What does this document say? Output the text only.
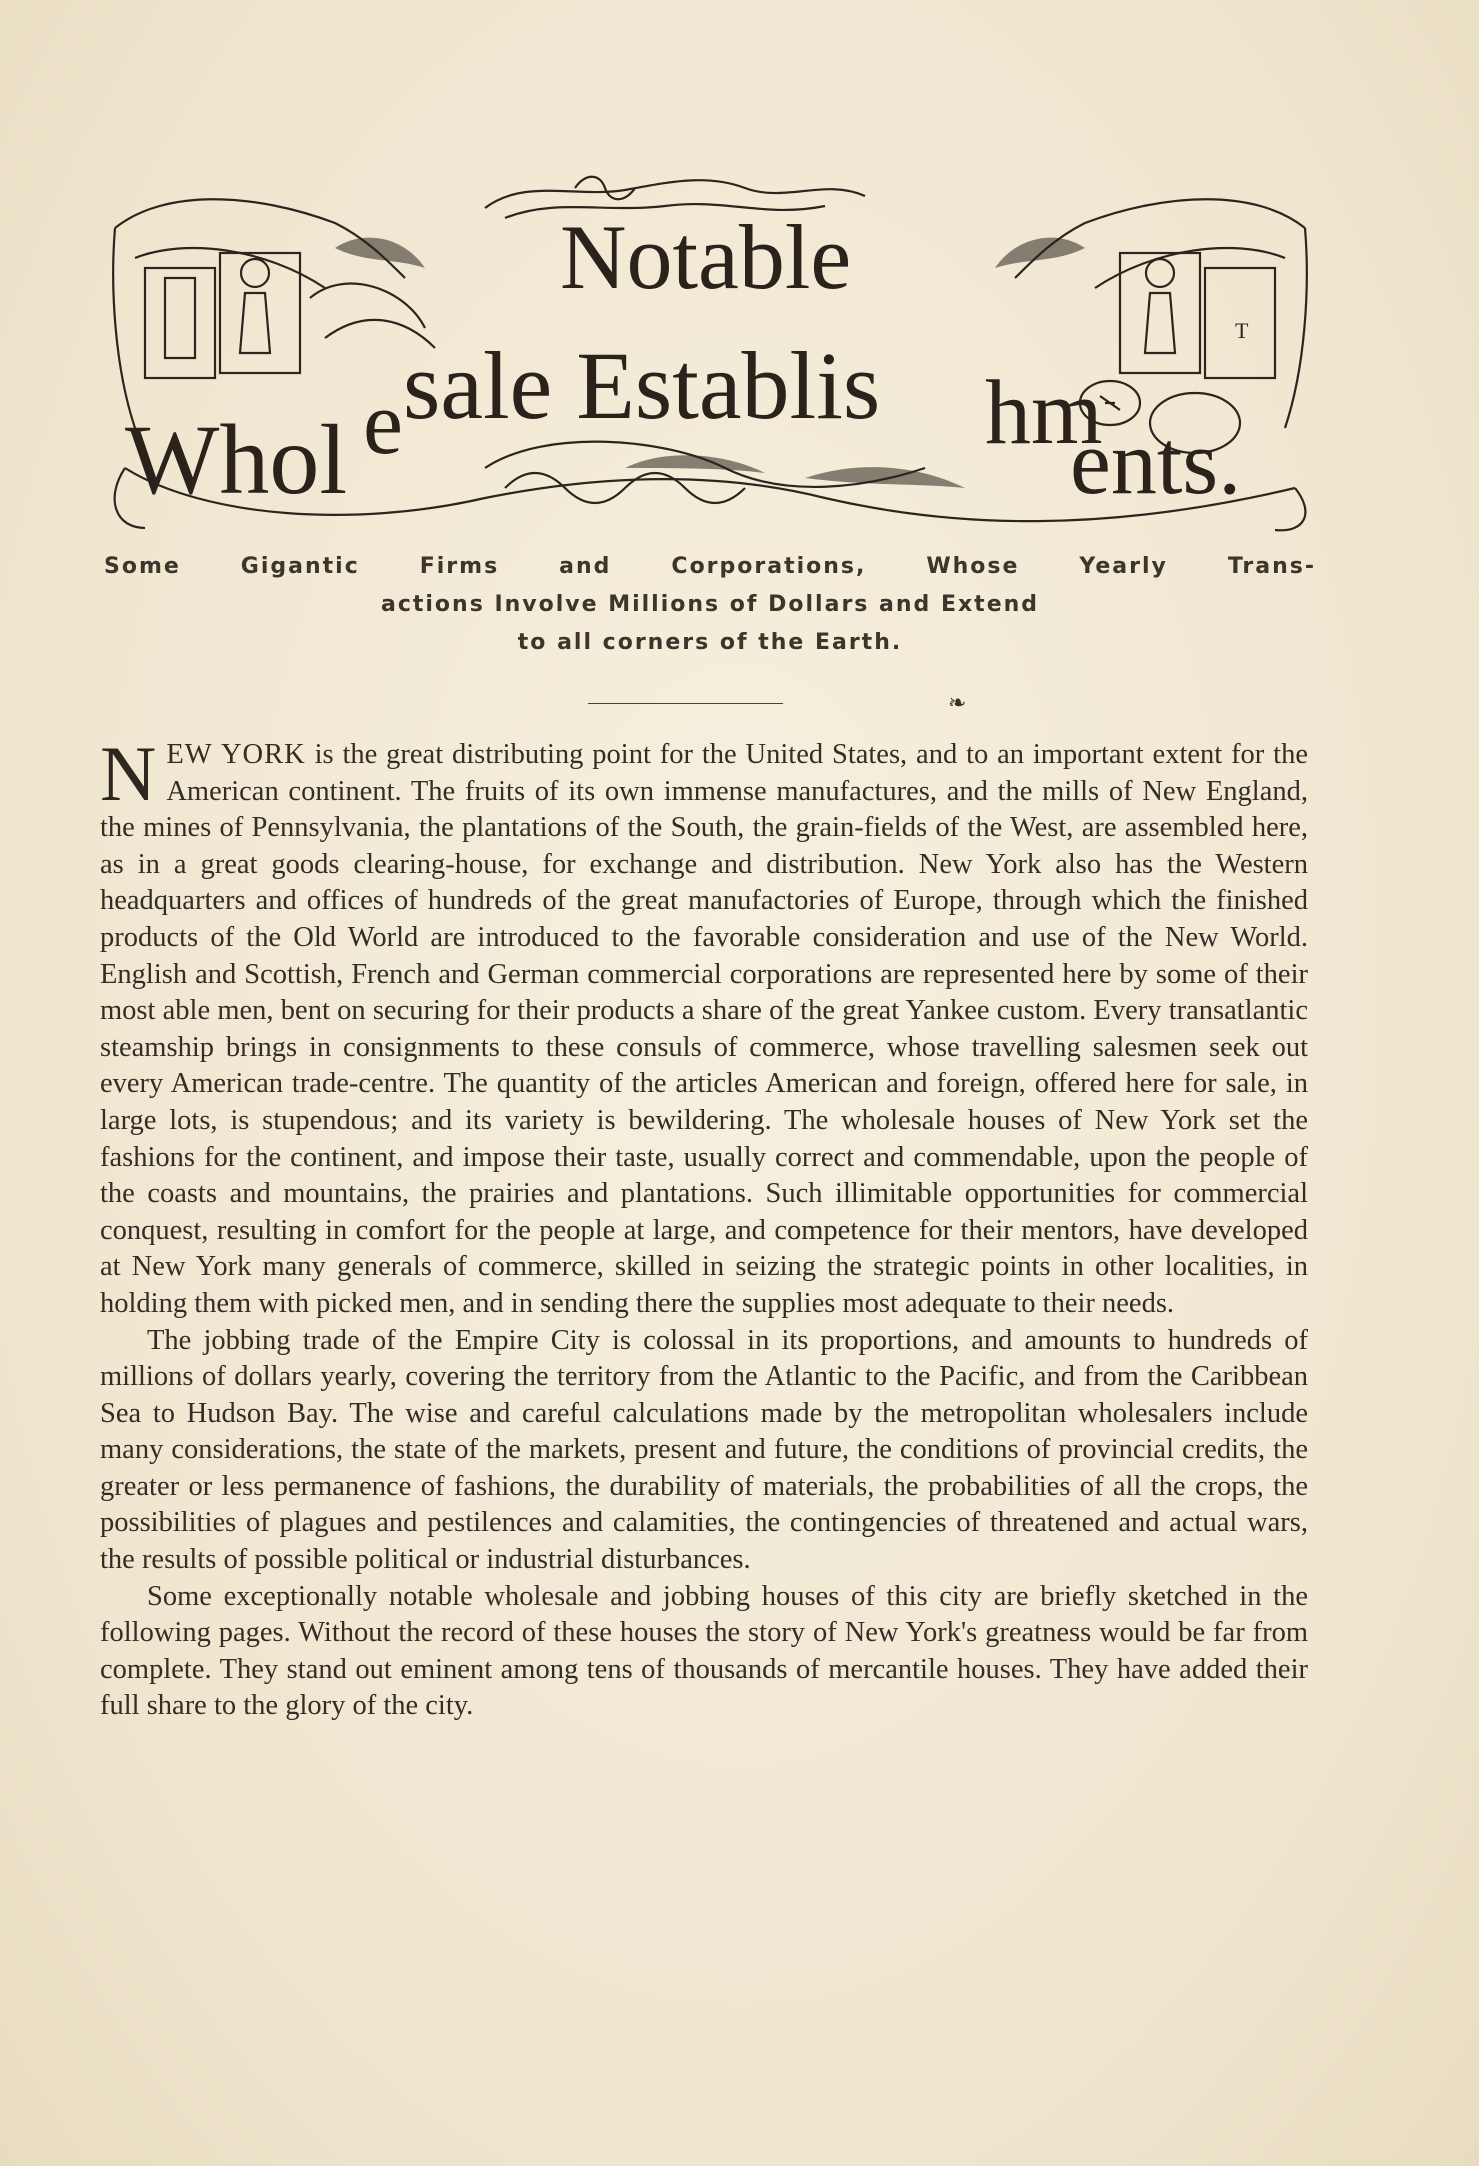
T
Notable
Whol e sale Establis hm
ents.
Some Gigantic Firms and Corporations, Whose Yearly Trans-
actions Involve Millions of Dollars and Extend
to all corners of the Earth.
❧

NEW YORK is the great distributing point for the United States, and to an important extent for the American continent. The fruits of its own immense manufactures, and the mills of New England, the mines of Pennsylvania, the plantations of the South, the grain-fields of the West, are assembled here, as in a great goods clearing-house, for exchange and distribution. New York also has the Western headquarters and offices of hundreds of the great manufactories of Europe, through which the finished products of the Old World are introduced to the favorable consideration and use of the New World. English and Scottish, French and German commercial corporations are represented here by some of their most able men, bent on securing for their products a share of the great Yankee custom. Every transatlantic steamship brings in consignments to these consuls of commerce, whose travelling salesmen seek out every American trade-centre. The quantity of the articles American and foreign, offered here for sale, in large lots, is stupendous; and its variety is bewildering. The wholesale houses of New York set the fashions for the continent, and impose their taste, usually correct and commendable, upon the people of the coasts and mountains, the prairies and plantations. Such illimitable opportunities for commercial conquest, resulting in comfort for the people at large, and competence for their mentors, have developed at New York many generals of commerce, skilled in seizing the strategic points in other localities, in holding them with picked men, and in sending there the supplies most adequate to their needs.

The jobbing trade of the Empire City is colossal in its proportions, and amounts to hundreds of millions of dollars yearly, covering the territory from the Atlantic to the Pacific, and from the Caribbean Sea to Hudson Bay. The wise and careful calculations made by the metropolitan wholesalers include many considerations, the state of the markets, present and future, the conditions of provincial credits, the greater or less permanence of fashions, the durability of materials, the probabilities of all the crops, the possibilities of plagues and pestilences and calamities, the contingencies of threatened and actual wars, the results of possible political or industrial disturbances.

Some exceptionally notable wholesale and jobbing houses of this city are briefly sketched in the following pages. Without the record of these houses the story of New York's greatness would be far from complete. They stand out eminent among tens of thousands of mercantile houses. They have added their full share to the glory of the city.
